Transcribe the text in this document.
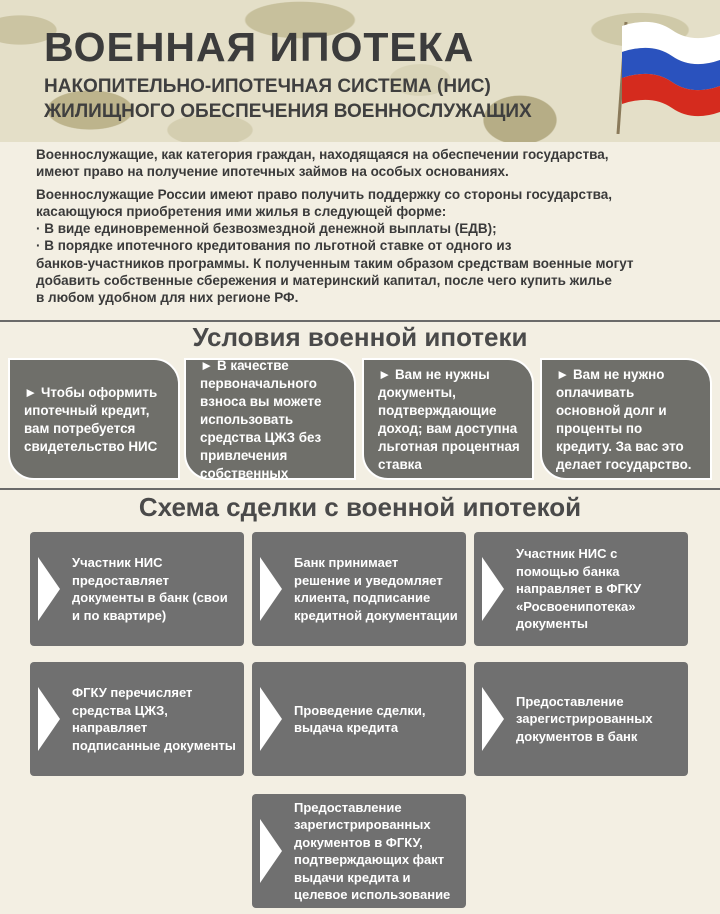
ВОЕННАЯ ИПОТЕКА
НАКОПИТЕЛЬНО-ИПОТЕЧНАЯ СИСТЕМА (НИС)
ЖИЛИЩНОГО ОБЕСПЕЧЕНИЯ ВОЕННОСЛУЖАЩИХ

Военнослужащие, как категория граждан, находящаяся на обеспечении государства,
имеют право на получение ипотечных займов на особых основаниях.

Военнослужащие России имеют право получить поддержку со стороны государства,
касающуюся приобретения ими жилья в следующей форме:
· В виде единовременной безвозмездной денежной выплаты (ЕДВ);
· В порядке ипотечного кредитования по льготной ставке от одного из
банков-участников программы. К полученным таким образом средствам военные могут
добавить собственные сбережения и материнский капитал, после чего купить жилье
в любом удобном для них регионе РФ.

Условия военной ипотеки
► Чтобы оформить ипотечный кредит, вам потребуется свидетельство НИС
► В качестве первоначального взноса вы можете использовать средства ЦЖЗ без привлечения собственных
► Вам не нужны документы, подтверждающие доход; вам доступна льготная процентная ставка
► Вам не нужно оплачивать основной долг и проценты по кредиту. За вас это делает государство.
Схема сделки с военной ипотекой
Участник НИС предоставляет документы в банк (свои и по квартире)
Банк принимает решение и уведомляет клиента, подписание кредитной документации
Участник НИС с помощью банка направляет в ФГКУ «Росвоенипотека» документы
ФГКУ перечисляет средства ЦЖЗ, направляет подписанные документы
Проведение сделки, выдача кредита
Предоставление зарегистрированных документов в банк
Предоставление зарегистрированных документов в ФГКУ, подтверждающих факт выдачи кредита и целевое использование
